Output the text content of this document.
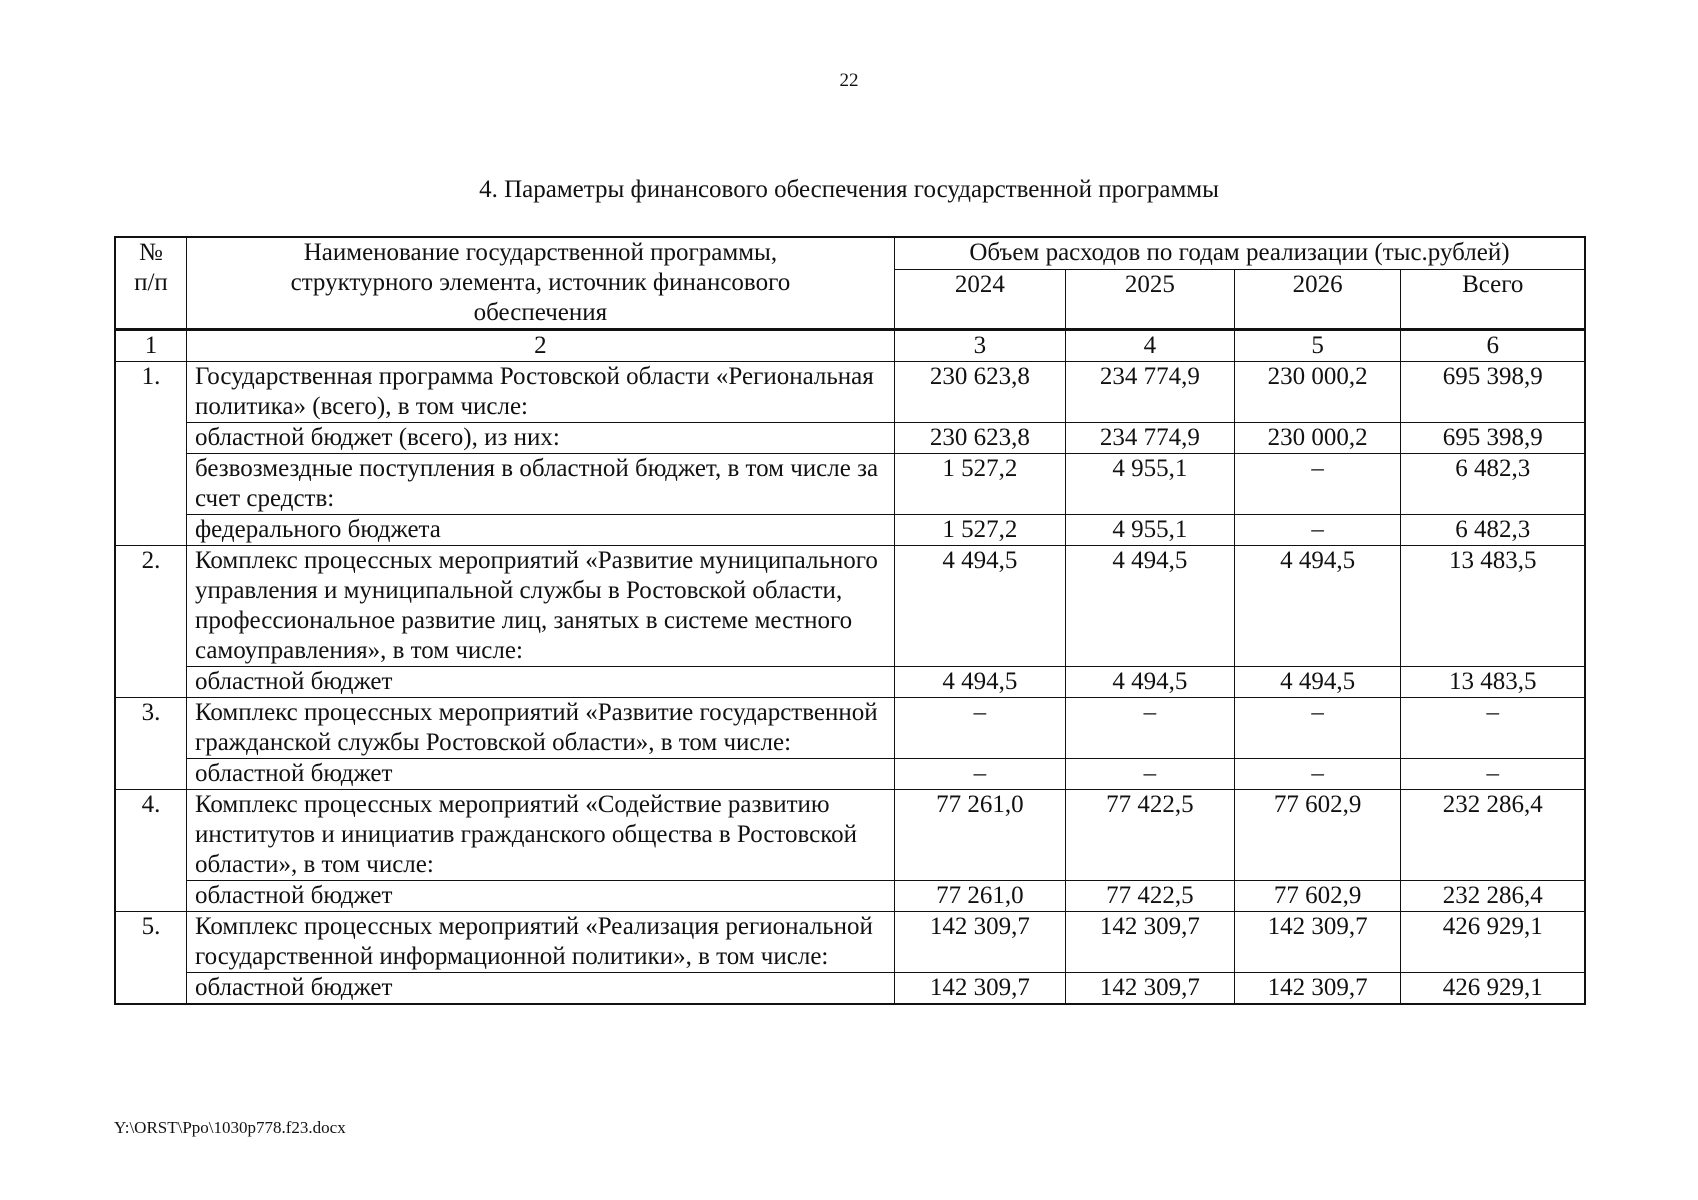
22
4. Параметры финансового обеспечения государственной программы
№
п/п	Наименование государственной программы, структурного элемента, источник финансового обеспечения	Объем расходов по годам реализации (тыс.рублей)			
		2024	2025	2026	Всего
1	2	3	4	5	6
1.	Государственная программа Ростовской области «Региональная политика» (всего), в том числе:	230 623,8	234 774,9	230 000,2	695 398,9
	областной бюджет (всего), из них:	230 623,8	234 774,9	230 000,2	695 398,9
	безвозмездные поступления в областной бюджет, в том числе за счет средств:	1 527,2	4 955,1	–	6 482,3
	федерального бюджета	1 527,2	4 955,1	–	6 482,3
2.	Комплекс процессных мероприятий «Развитие муниципального управления и муниципальной службы в Ростовской области, профессиональное развитие лиц, занятых в системе местного самоуправления», в том числе:	4 494,5	4 494,5	4 494,5	13 483,5
	областной бюджет	4 494,5	4 494,5	4 494,5	13 483,5
3.	Комплекс процессных мероприятий «Развитие государственной гражданской службы Ростовской области», в том числе:	–	–	–	–
	областной бюджет	–	–	–	–
4.	Комплекс процессных мероприятий «Содействие развитию институтов и инициатив гражданского общества в Ростовской области», в том числе:	77 261,0	77 422,5	77 602,9	232 286,4
	областной бюджет	77 261,0	77 422,5	77 602,9	232 286,4
5.	Комплекс процессных мероприятий «Реализация региональной государственной информационной политики», в том числе:	142 309,7	142 309,7	142 309,7	426 929,1
	областной бюджет	142 309,7	142 309,7	142 309,7	426 929,1
Y:\ORST\Ppo\1030p778.f23.docx
